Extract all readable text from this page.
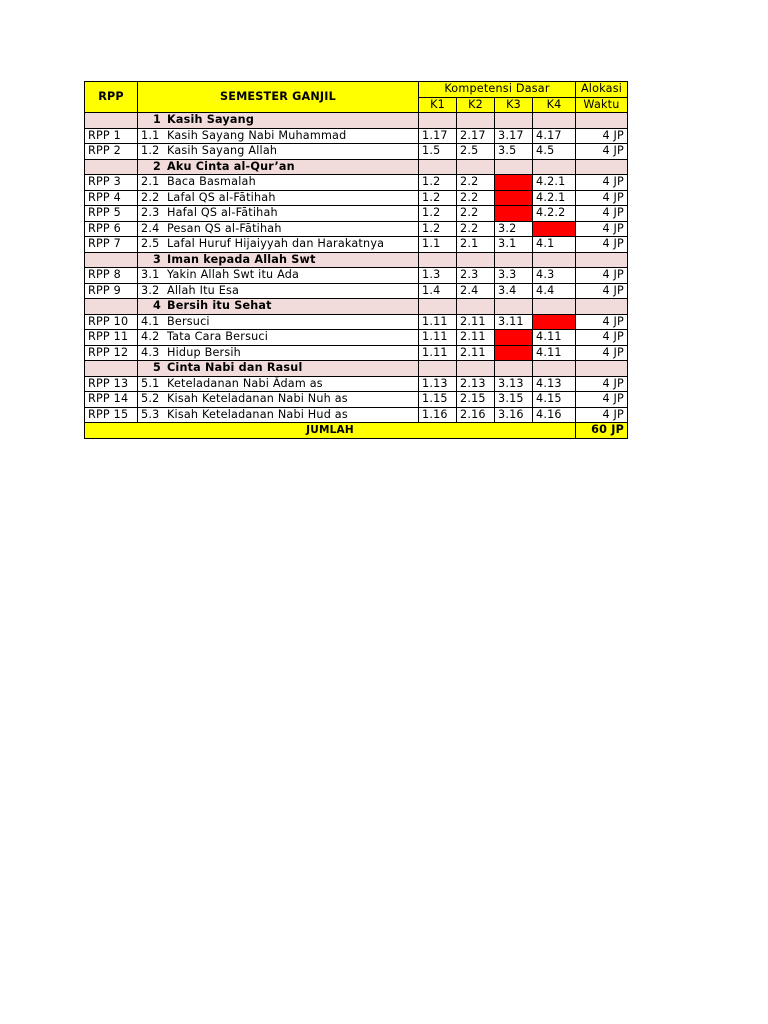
RPP	SEMESTER GANJIL	Kompetensi Dasar				Alokasi
		K1	K2	K3	K4	Waktu
	1 Kasih Sayang					
RPP 1	1.1 Kasih Sayang Nabi Muhammad	1.17	2.17	3.17	4.17	4 JP
RPP 2	1.2 Kasih Sayang Allah	1.5	2.5	3.5	4.5	4 JP
	2 Aku Cinta al-Qur’an					
RPP 3	2.1 Baca Basmalah	1.2	2.2		4.2.1	4 JP
RPP 4	2.2 Lafal QS al-Fātihah	1.2	2.2		4.2.1	4 JP
RPP 5	2.3 Hafal QS al-Fātihah	1.2	2.2		4.2.2	4 JP
RPP 6	2.4 Pesan QS al-Fātihah	1.2	2.2	3.2		4 JP
RPP 7	2.5 Lafal Huruf Hijaiyyah dan Harakatnya	1.1	2.1	3.1	4.1	4 JP
	3 Iman kepada Allah Swt					
RPP 8	3.1 Yakin Allah Swt itu Ada	1.3	2.3	3.3	4.3	4 JP
RPP 9	3.2 Allah Itu Esa	1.4	2.4	3.4	4.4	4 JP
	4 Bersih itu Sehat					
RPP 10	4.1 Bersuci	1.11	2.11	3.11		4 JP
RPP 11	4.2 Tata Cara Bersuci	1.11	2.11		4.11	4 JP
RPP 12	4.3 Hidup Bersih	1.11	2.11		4.11	4 JP
	5 Cinta Nabi dan Rasul					
RPP 13	5.1 Keteladanan Nabi Ādam as	1.13	2.13	3.13	4.13	4 JP
RPP 14	5.2 Kisah Keteladanan Nabi Nuh as	1.15	2.15	3.15	4.15	4 JP
RPP 15	5.3 Kisah Keteladanan Nabi Hud as	1.16	2.16	3.16	4.16	4 JP
JUMLAH						60 JP
